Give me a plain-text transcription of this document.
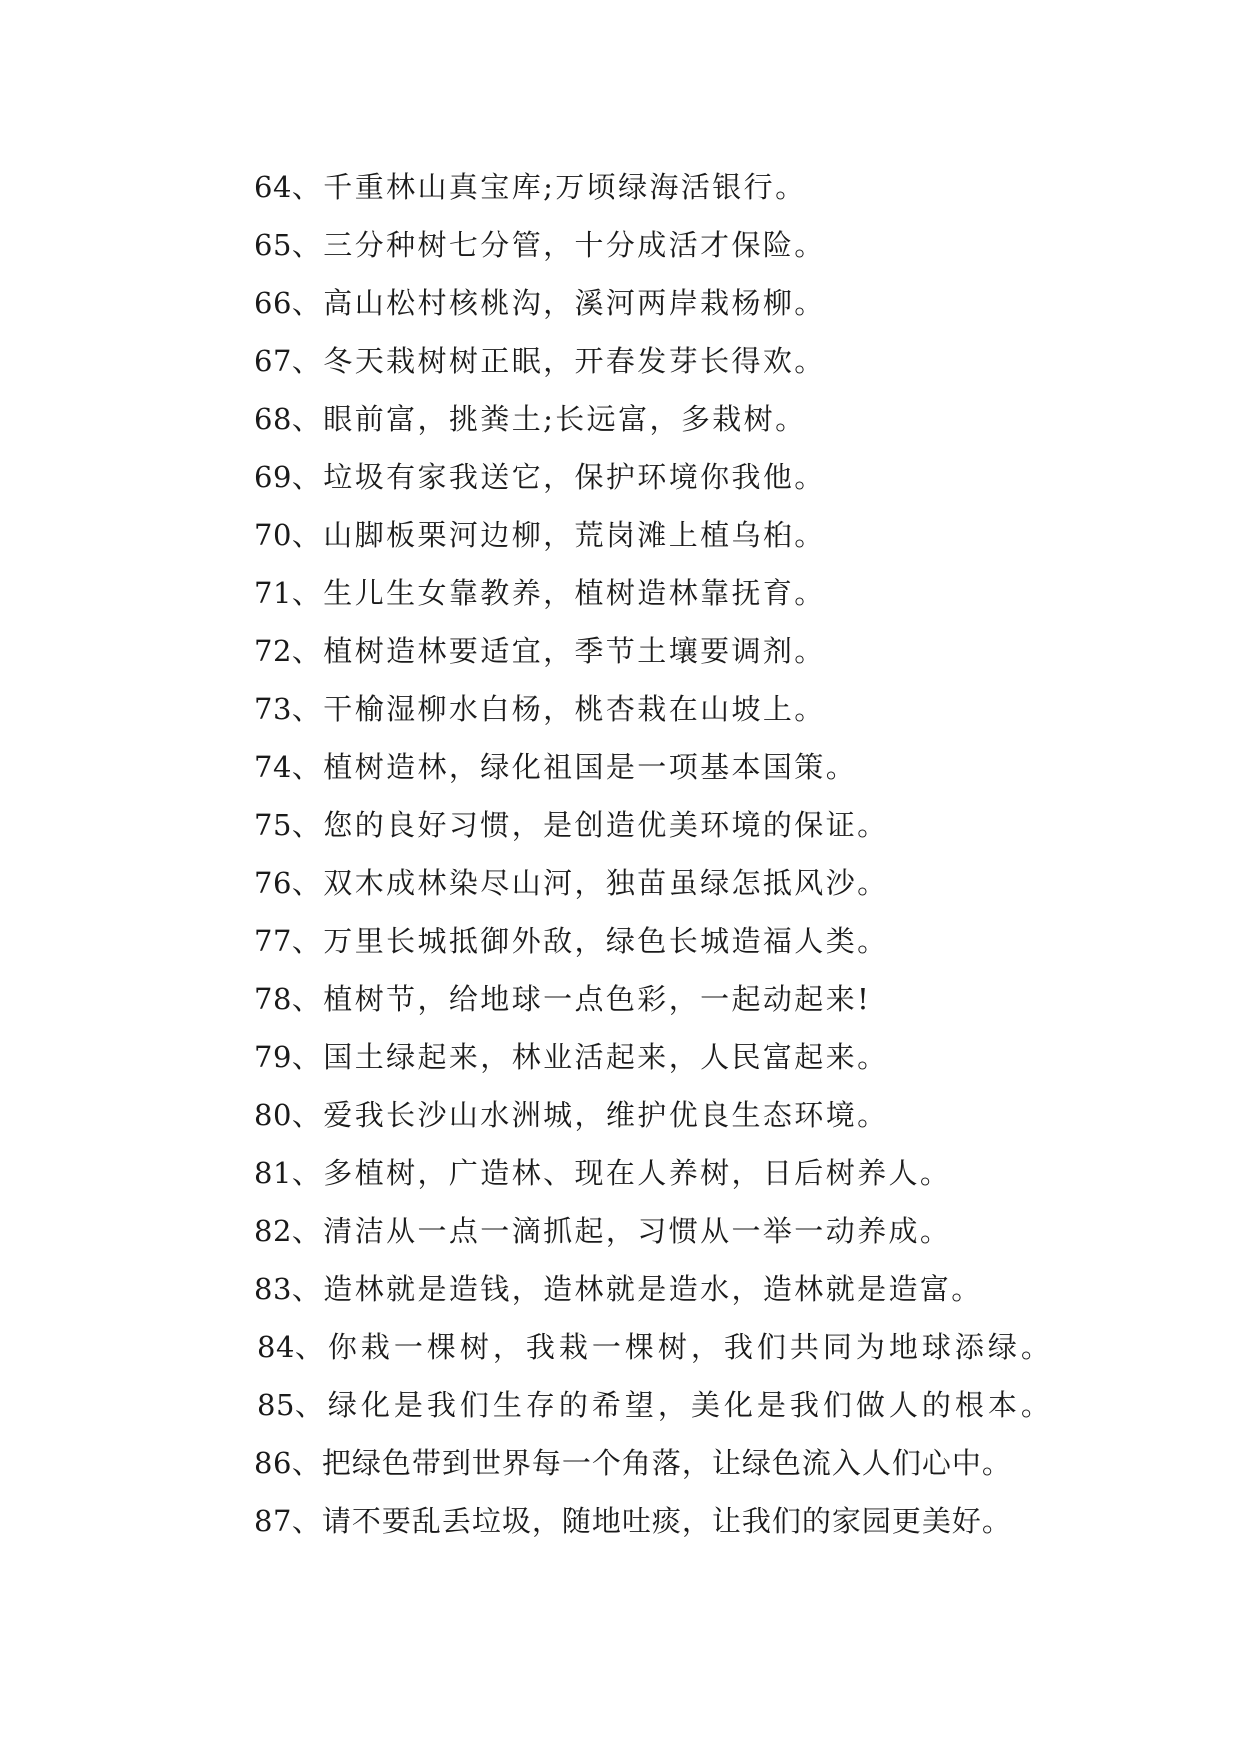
64、千重林山真宝库;万顷绿海活银行。
65、三分种树七分管，十分成活才保险。
66、高山松村核桃沟，溪河两岸栽杨柳。
67、冬天栽树树正眠，开春发芽长得欢。
68、眼前富，挑粪土;长远富，多栽树。
69、垃圾有家我送它，保护环境你我他。
70、山脚板栗河边柳，荒岗滩上植乌桕。
71、生儿生女靠教养，植树造林靠抚育。
72、植树造林要适宜，季节土壤要调剂。
73、干榆湿柳水白杨，桃杏栽在山坡上。
74、植树造林，绿化祖国是一项基本国策。
75、您的良好习惯，是创造优美环境的保证。
76、双木成林染尽山河，独苗虽绿怎抵风沙。
77、万里长城抵御外敌，绿色长城造福人类。
78、植树节，给地球一点色彩，一起动起来!
79、国土绿起来，林业活起来，人民富起来。
80、爱我长沙山水洲城，维护优良生态环境。
81、多植树，广造林、现在人养树，日后树养人。
82、清洁从一点一滴抓起，习惯从一举一动养成。
83、造林就是造钱，造林就是造水，造林就是造富。
84、你栽一棵树，我栽一棵树，我们共同为地球添绿。
85、绿化是我们生存的希望，美化是我们做人的根本。
86、把绿色带到世界每一个角落，让绿色流入人们心中。
87、请不要乱丢垃圾，随地吐痰，让我们的家园更美好。
